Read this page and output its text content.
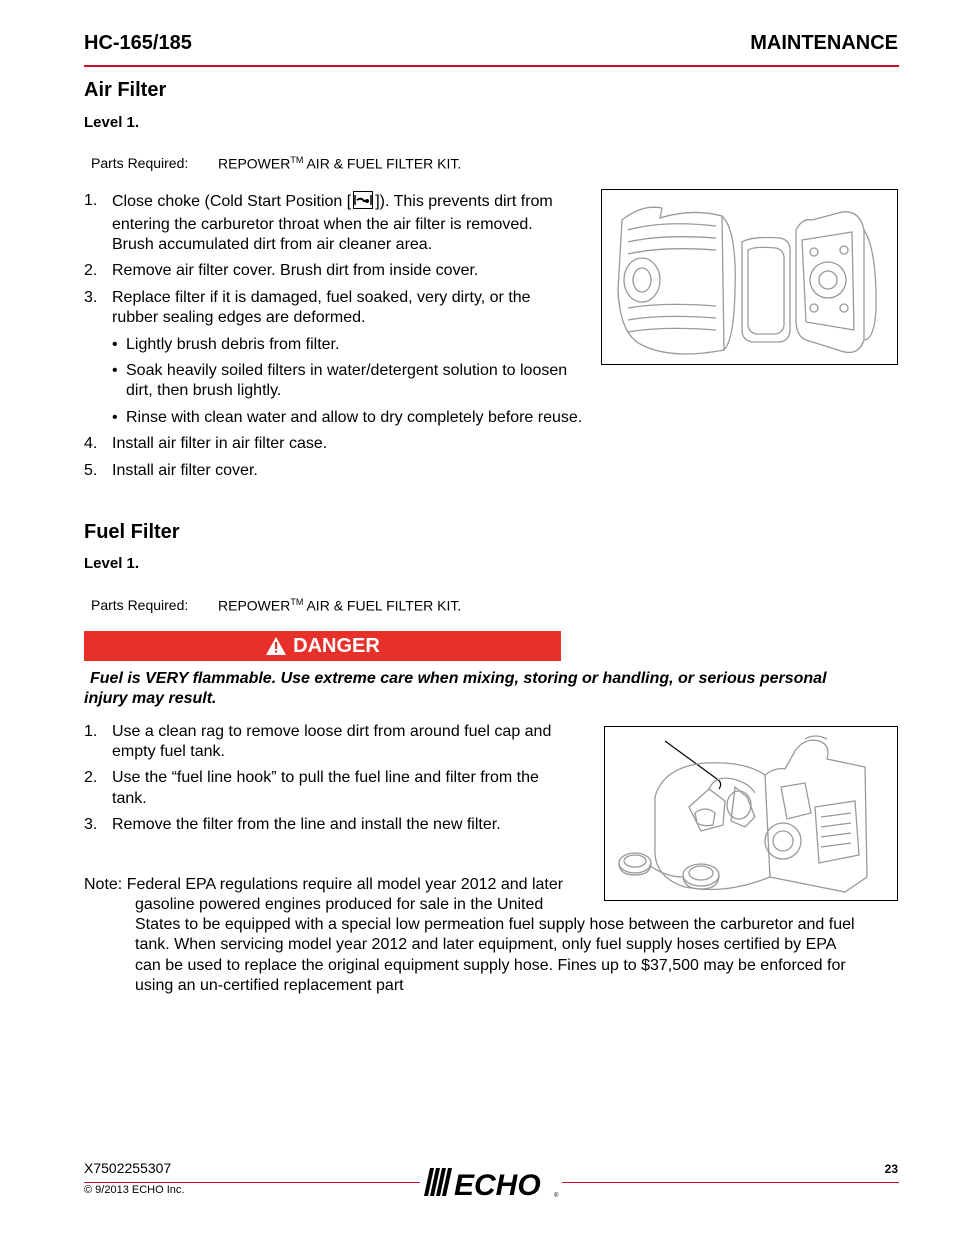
HC-165/185	MAINTENANCE
Air Filter
Level 1.
Parts Required: REPOWER™ AIR & FUEL FILTER KIT.
1. Close choke (Cold Start Position [ ]). This prevents dirt from
entering the carburetor throat when the air filter is removed.
Brush accumulated dirt from air cleaner area.
2. Remove air filter cover. Brush dirt from inside cover.
3. Replace filter if it is damaged, fuel soaked, very dirty, or the
rubber sealing edges are deformed.
• Lightly brush debris from filter.
• Soak heavily soiled filters in water/detergent solution to loosen
dirt, then brush lightly.
• Rinse with clean water and allow to dry completely before reuse.
4. Install air filter in air filter case.
5. Install air filter cover.
Fuel Filter
Level 1.
Parts Required: REPOWER™ AIR & FUEL FILTER KIT.
DANGER
Fuel is VERY flammable. Use extreme care when mixing, storing or handling, or serious personal
injury may result.
1. Use a clean rag to remove loose dirt from around fuel cap and
empty fuel tank.
2. Use the “fuel line hook” to pull the fuel line and filter from the
tank.
3. Remove the filter from the line and install the new filter.
Note: Federal EPA regulations require all model year 2012 and later
gasoline powered engines produced for sale in the United
States to be equipped with a special low permeation fuel supply hose between the carburetor and fuel
tank. When servicing model year 2012 and later equipment, only fuel supply hoses certified by EPA
can be used to replace the original equipment supply hose. Fines up to $37,500 may be enforced for
using an un-certified replacement part
X7502255307
© 9/2013 ECHO Inc.
23
ECHO ®
